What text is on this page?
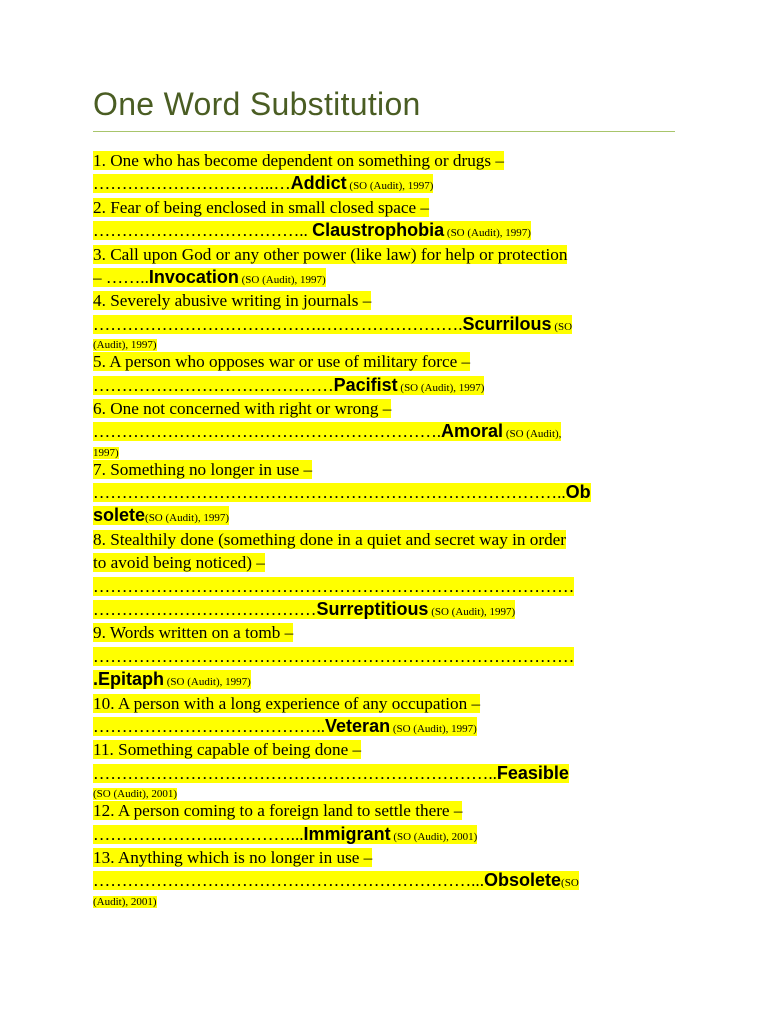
One Word Substitution
1. One who has become dependent on something or drugs –
…………………………..…Addict (SO (Audit), 1997)
2. Fear of being enclosed in small closed space –
……………………………….. Claustrophobia (SO (Audit), 1997)
3. Call upon God or any other power (like law) for help or protection
– ……..Invocation (SO (Audit), 1997)
4. Severely abusive writing in journals –
………………………………….…………………….Scurrilous (SO
(Audit), 1997)
5. A person who opposes war or use of military force –
……………………………………Pacifist (SO (Audit), 1997)
6. One not concerned with right or wrong –
…………………………………………………….Amoral (SO (Audit),
1997)
7. Something no longer in use –
………………………………………………………………………..Ob
solete(SO (Audit), 1997)
8. Stealthily done (something done in a quiet and secret way in order
to avoid being noticed) –
…………………………………………………………………………
…………………………………Surreptitious (SO (Audit), 1997)
9. Words written on a tomb –
…………………………………………………………………………
.Epitaph (SO (Audit), 1997)
10. A person with a long experience of any occupation –
…………………………………..Veteran (SO (Audit), 1997)
11. Something capable of being done –
……………………………………………………………..Feasible
(SO (Audit), 2001)
12. A person coming to a foreign land to settle there –
…………………..…………...Immigrant (SO (Audit), 2001)
13. Anything which is no longer in use –
…………………………………………………………...Obsolete(SO
(Audit), 2001)
